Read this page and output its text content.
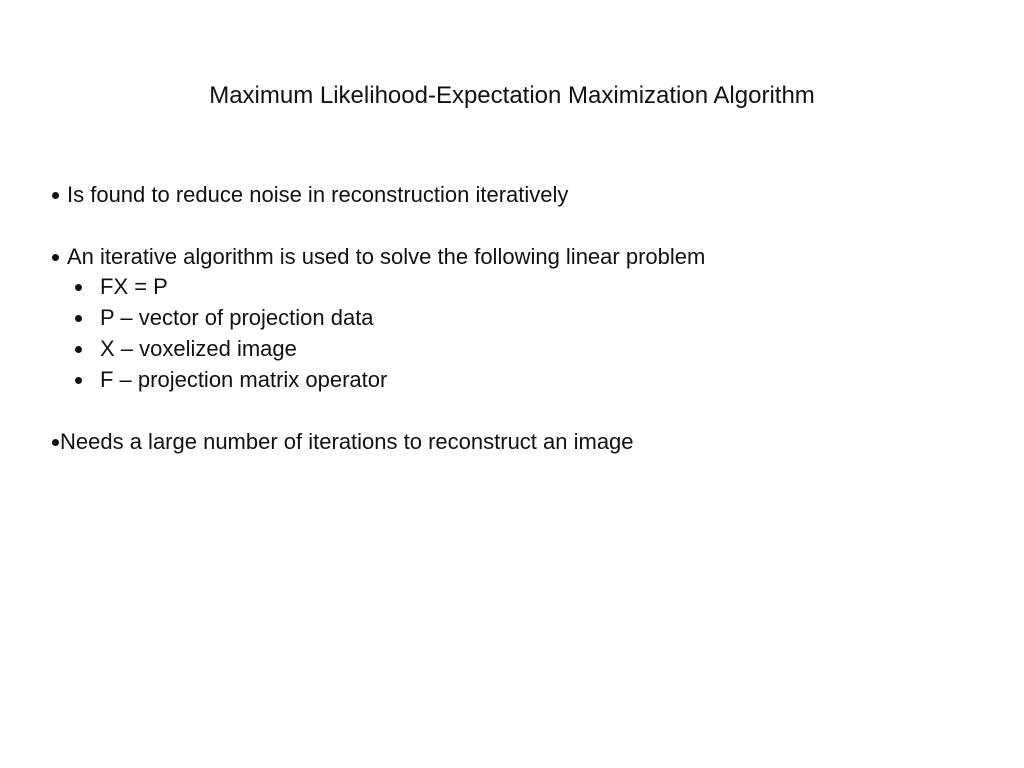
Maximum Likelihood-Expectation Maximization Algorithm
Is found to reduce noise in reconstruction iteratively
An iterative algorithm is used to solve the following linear problem
FX = P
P – vector of projection data
X – voxelized image
F – projection matrix operator
Needs a large number of iterations to reconstruct an image
